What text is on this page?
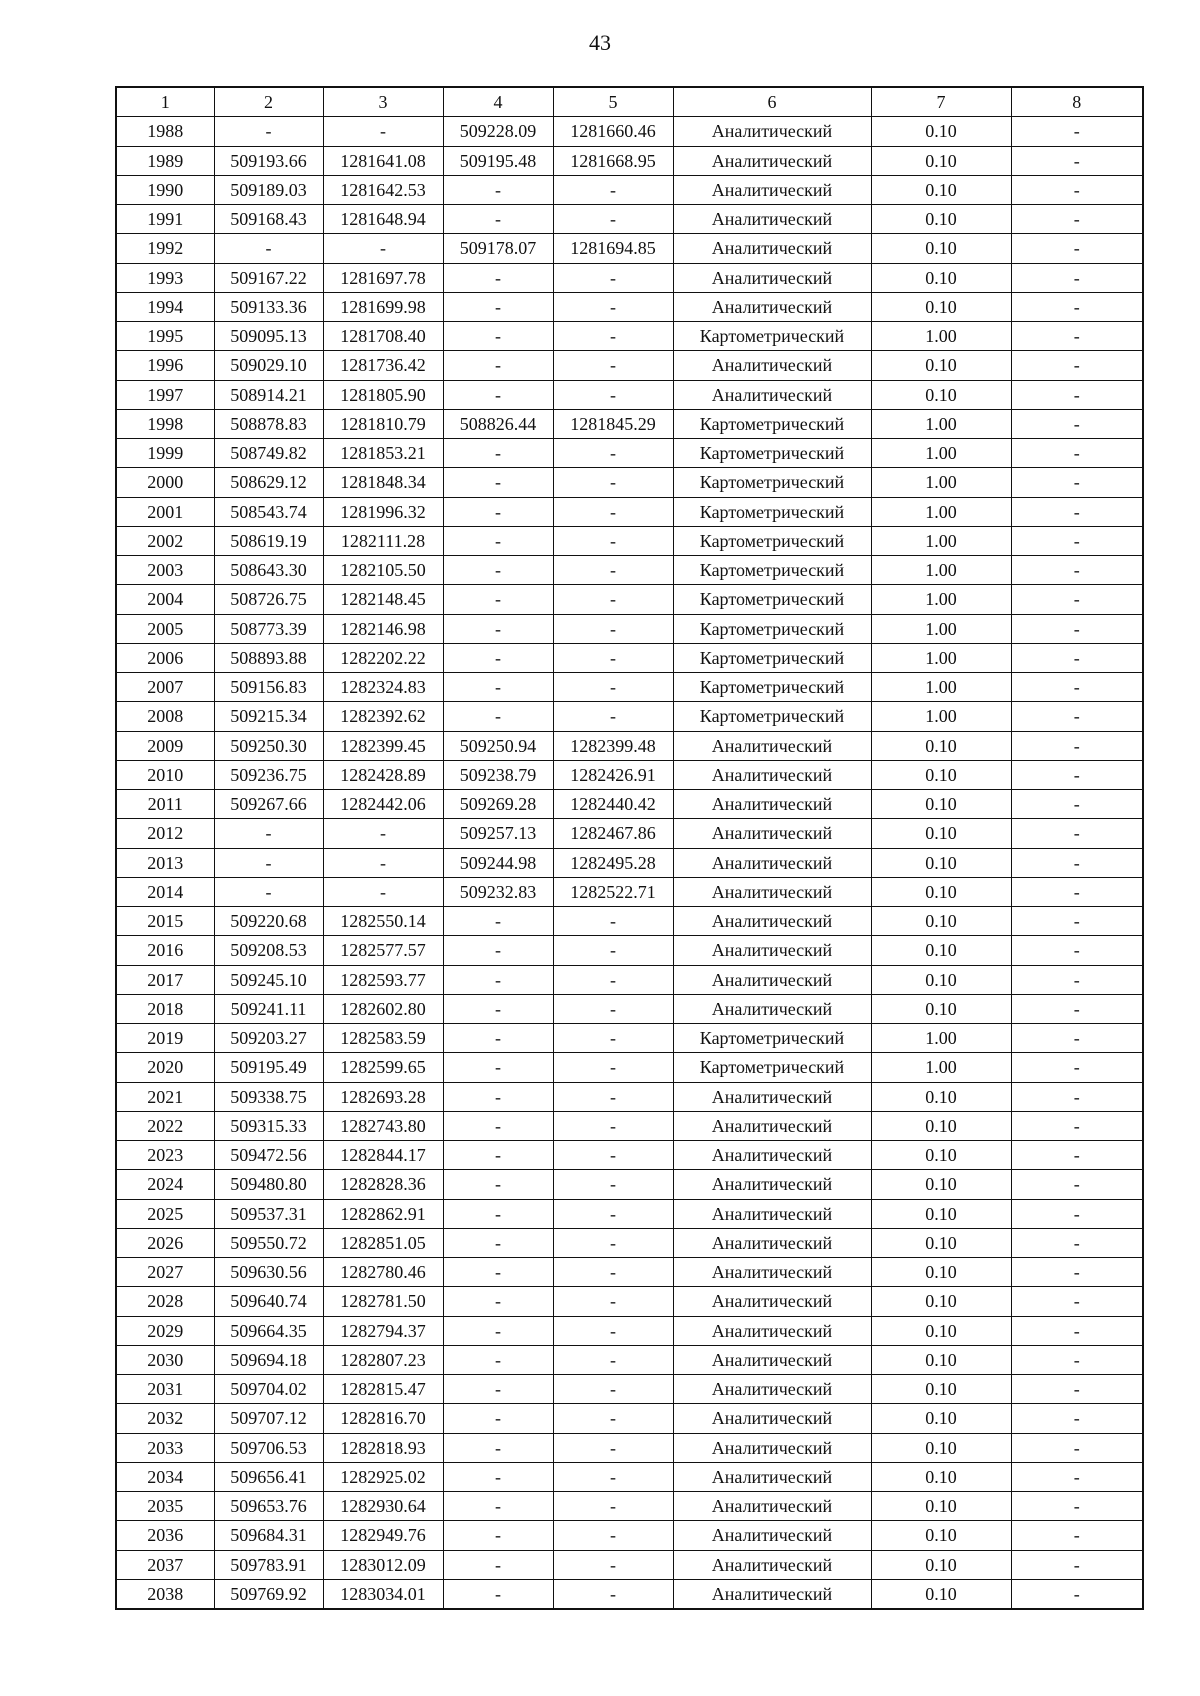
43
1	2	3	4	5	6	7	8
1988	-	-	509228.09	1281660.46	Аналитический	0.10	-
1989	509193.66	1281641.08	509195.48	1281668.95	Аналитический	0.10	-
1990	509189.03	1281642.53	-	-	Аналитический	0.10	-
1991	509168.43	1281648.94	-	-	Аналитический	0.10	-
1992	-	-	509178.07	1281694.85	Аналитический	0.10	-
1993	509167.22	1281697.78	-	-	Аналитический	0.10	-
1994	509133.36	1281699.98	-	-	Аналитический	0.10	-
1995	509095.13	1281708.40	-	-	Картометрический	1.00	-
1996	509029.10	1281736.42	-	-	Аналитический	0.10	-
1997	508914.21	1281805.90	-	-	Аналитический	0.10	-
1998	508878.83	1281810.79	508826.44	1281845.29	Картометрический	1.00	-
1999	508749.82	1281853.21	-	-	Картометрический	1.00	-
2000	508629.12	1281848.34	-	-	Картометрический	1.00	-
2001	508543.74	1281996.32	-	-	Картометрический	1.00	-
2002	508619.19	1282111.28	-	-	Картометрический	1.00	-
2003	508643.30	1282105.50	-	-	Картометрический	1.00	-
2004	508726.75	1282148.45	-	-	Картометрический	1.00	-
2005	508773.39	1282146.98	-	-	Картометрический	1.00	-
2006	508893.88	1282202.22	-	-	Картометрический	1.00	-
2007	509156.83	1282324.83	-	-	Картометрический	1.00	-
2008	509215.34	1282392.62	-	-	Картометрический	1.00	-
2009	509250.30	1282399.45	509250.94	1282399.48	Аналитический	0.10	-
2010	509236.75	1282428.89	509238.79	1282426.91	Аналитический	0.10	-
2011	509267.66	1282442.06	509269.28	1282440.42	Аналитический	0.10	-
2012	-	-	509257.13	1282467.86	Аналитический	0.10	-
2013	-	-	509244.98	1282495.28	Аналитический	0.10	-
2014	-	-	509232.83	1282522.71	Аналитический	0.10	-
2015	509220.68	1282550.14	-	-	Аналитический	0.10	-
2016	509208.53	1282577.57	-	-	Аналитический	0.10	-
2017	509245.10	1282593.77	-	-	Аналитический	0.10	-
2018	509241.11	1282602.80	-	-	Аналитический	0.10	-
2019	509203.27	1282583.59	-	-	Картометрический	1.00	-
2020	509195.49	1282599.65	-	-	Картометрический	1.00	-
2021	509338.75	1282693.28	-	-	Аналитический	0.10	-
2022	509315.33	1282743.80	-	-	Аналитический	0.10	-
2023	509472.56	1282844.17	-	-	Аналитический	0.10	-
2024	509480.80	1282828.36	-	-	Аналитический	0.10	-
2025	509537.31	1282862.91	-	-	Аналитический	0.10	-
2026	509550.72	1282851.05	-	-	Аналитический	0.10	-
2027	509630.56	1282780.46	-	-	Аналитический	0.10	-
2028	509640.74	1282781.50	-	-	Аналитический	0.10	-
2029	509664.35	1282794.37	-	-	Аналитический	0.10	-
2030	509694.18	1282807.23	-	-	Аналитический	0.10	-
2031	509704.02	1282815.47	-	-	Аналитический	0.10	-
2032	509707.12	1282816.70	-	-	Аналитический	0.10	-
2033	509706.53	1282818.93	-	-	Аналитический	0.10	-
2034	509656.41	1282925.02	-	-	Аналитический	0.10	-
2035	509653.76	1282930.64	-	-	Аналитический	0.10	-
2036	509684.31	1282949.76	-	-	Аналитический	0.10	-
2037	509783.91	1283012.09	-	-	Аналитический	0.10	-
2038	509769.92	1283034.01	-	-	Аналитический	0.10	-
